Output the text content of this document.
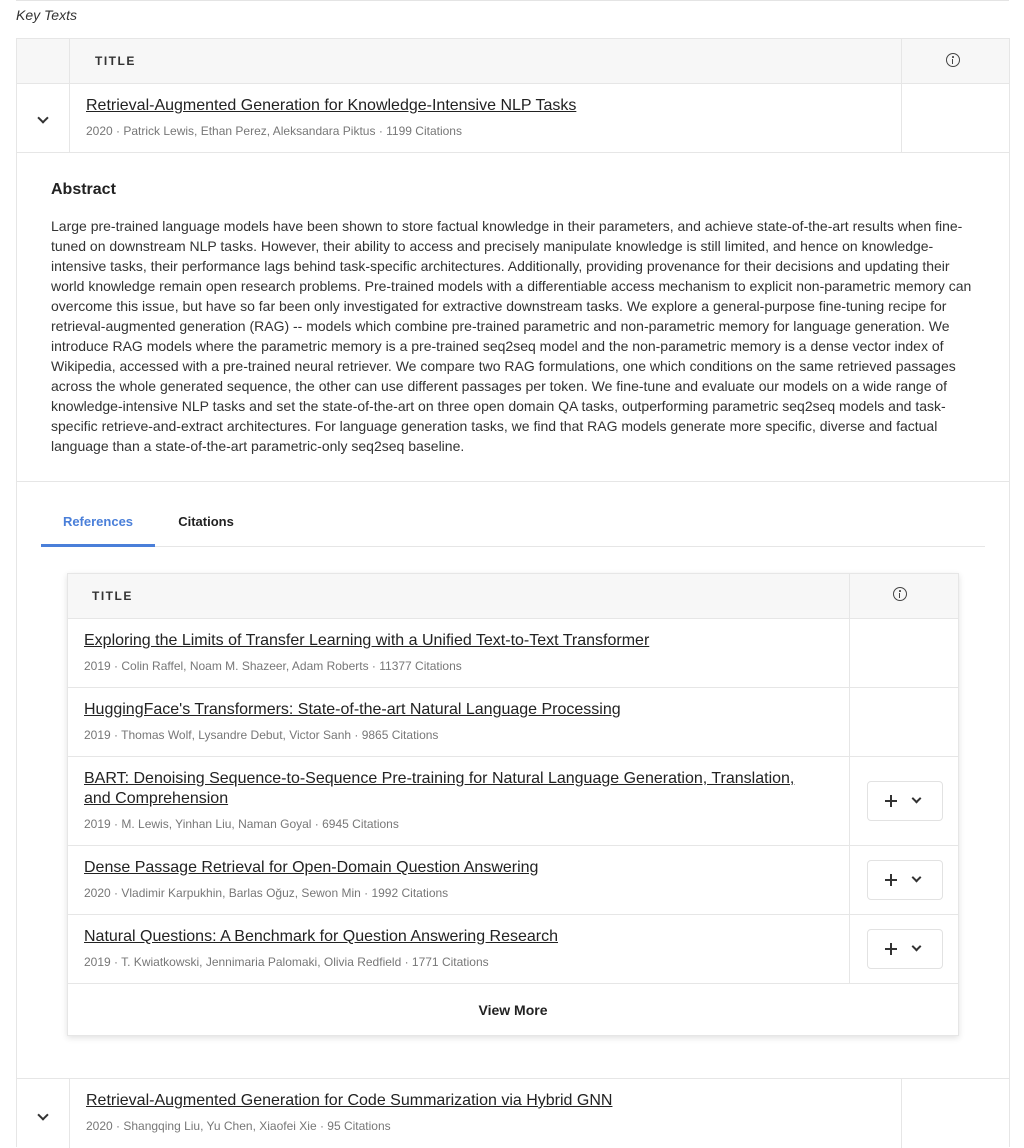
Key Texts
TITLE
Retrieval-Augmented Generation for Knowledge-Intensive NLP Tasks
2020 · Patrick Lewis, Ethan Perez, Aleksandara Piktus · 1199 Citations
Abstract

Large pre-trained language models have been shown to store factual knowledge in their parameters, and achieve state-of-the-art results when fine-tuned on downstream NLP tasks. However, their ability to access and precisely manipulate knowledge is still limited, and hence on knowledge-intensive tasks, their performance lags behind task-specific architectures. Additionally, providing provenance for their decisions and updating their world knowledge remain open research problems. Pre-trained models with a differentiable access mechanism to explicit non-parametric memory can overcome this issue, but have so far been only investigated for extractive downstream tasks. We explore a general-purpose fine-tuning recipe for retrieval-augmented generation (RAG) -- models which combine pre-trained parametric and non-parametric memory for language generation. We introduce RAG models where the parametric memory is a pre-trained seq2seq model and the non-parametric memory is a dense vector index of Wikipedia, accessed with a pre-trained neural retriever. We compare two RAG formulations, one which conditions on the same retrieved passages across the whole generated sequence, the other can use different passages per token. We fine-tune and evaluate our models on a wide range of knowledge-intensive NLP tasks and set the state-of-the-art on three open domain QA tasks, outperforming parametric seq2seq models and task-specific retrieve-and-extract architectures. For language generation tasks, we find that RAG models generate more specific, diverse and factual language than a state-of-the-art parametric-only seq2seq baseline.

References	Citations
TITLE
Exploring the Limits of Transfer Learning with a Unified Text-to-Text Transformer
2019 · Colin Raffel, Noam M. Shazeer, Adam Roberts · 11377 Citations
HuggingFace's Transformers: State-of-the-art Natural Language Processing
2019 · Thomas Wolf, Lysandre Debut, Victor Sanh · 9865 Citations
BART: Denoising Sequence-to-Sequence Pre-training for Natural Language Generation, Translation, and Comprehension
2019 · M. Lewis, Yinhan Liu, Naman Goyal · 6945 Citations
Dense Passage Retrieval for Open-Domain Question Answering
2020 · Vladimir Karpukhin, Barlas Oğuz, Sewon Min · 1992 Citations
Natural Questions: A Benchmark for Question Answering Research
2019 · T. Kwiatkowski, Jennimaria Palomaki, Olivia Redfield · 1771 Citations
View More
Retrieval-Augmented Generation for Code Summarization via Hybrid GNN
2020 · Shangqing Liu, Yu Chen, Xiaofei Xie · 95 Citations
